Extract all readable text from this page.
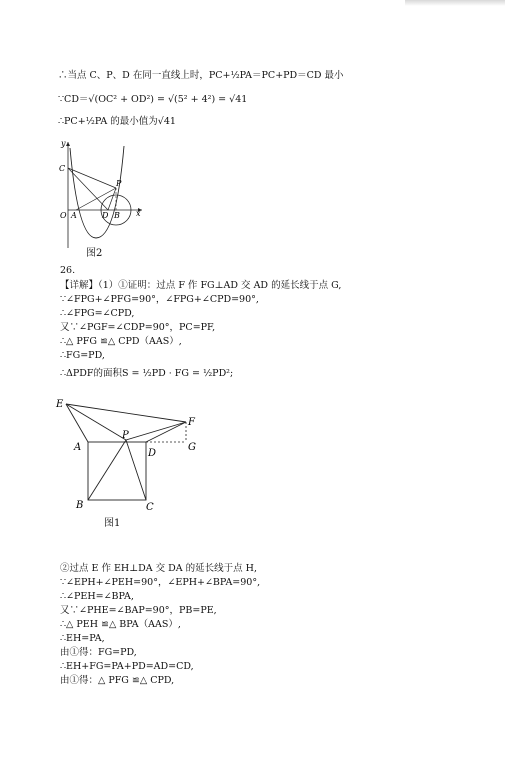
∴当点 C、P、D 在同一直线上时，PC+½PA＝PC+PD＝CD 最小
∵CD＝√(OC² + OD²) = √(5² + 4²) = √41
∴PC+½PA 的最小值为√41
y
C
P
O A	D B x
图2
26.
【详解】（1）①证明：过点 F 作 FG⊥AD 交 AD 的延长线于点 G,
∵∠FPG+∠PFG=90°，∠FPG+∠CPD=90°,
∴∠FPG=∠CPD,
又∵∠PGF=∠CDP=90°，PC=PF,
∴△ PFG ≌△ CPD（AAS）,
∴FG=PD,
∴ΔPDF的面积S = ½PD · FG = ½PD²;
E
F
P
A
D
G
B	C
图1
②过点 E 作 EH⊥DA 交 DA 的延长线于点 H,
∵∠EPH+∠PEH=90°，∠EPH+∠BPA=90°,
∴∠PEH=∠BPA,
又∵∠PHE=∠BAP=90°，PB=PE,
∴△ PEH ≌△ BPA（AAS）,
∴EH=PA,
由①得：FG=PD,
∴EH+FG=PA+PD=AD=CD,
由①得：△ PFG ≌△ CPD,
